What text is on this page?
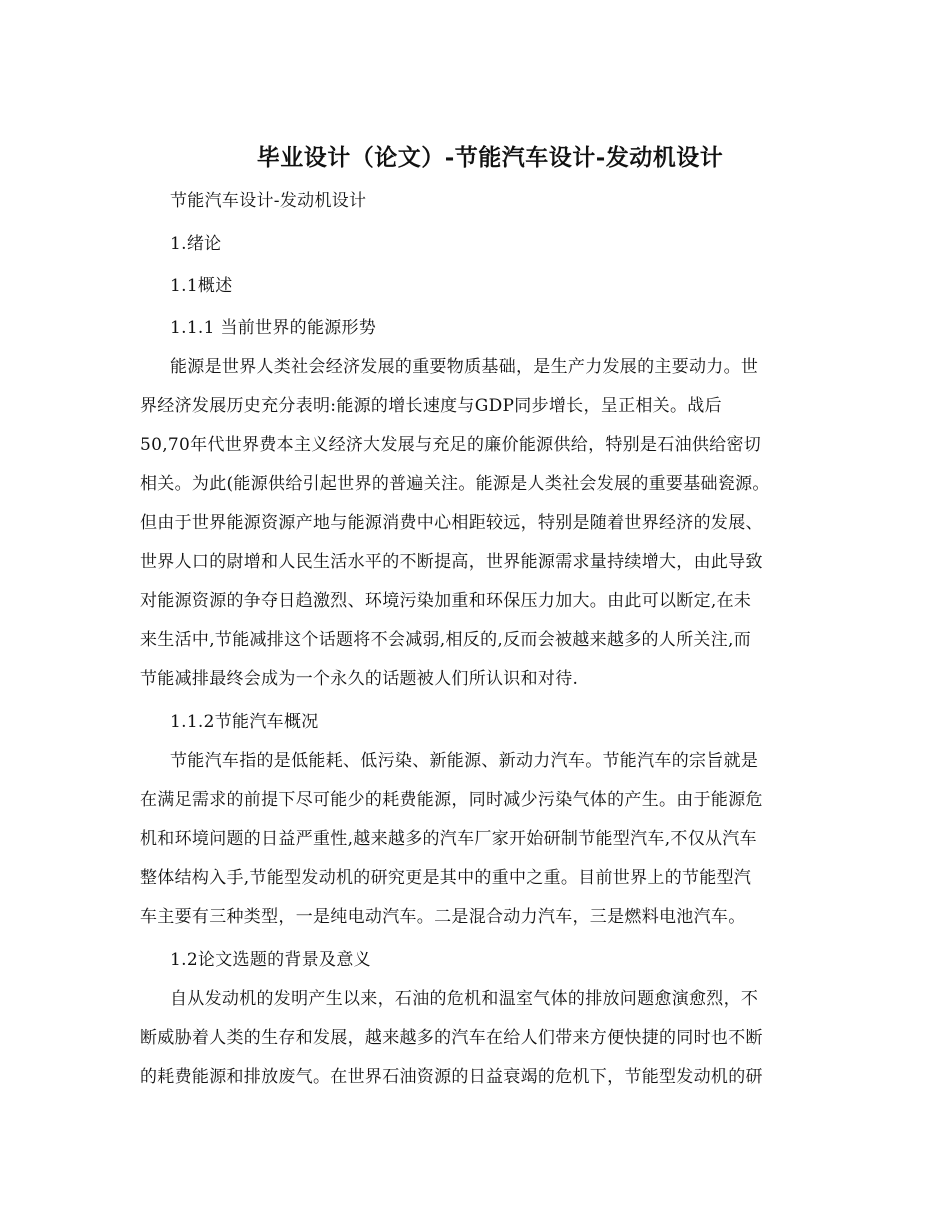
毕业设计（论文）-节能汽车设计-发动机设计
节能汽车设计-发动机设计
1.绪论
1.1概述
1.1.1 当前世界的能源形势
能源是世界人类社会经济发展的重要物质基础，是生产力发展的主要动力。世
界经济发展历史充分表明:能源的增长速度与GDP同步增长，呈正相关。战后
50,70年代世界费本主义经济大发展与充足的廉价能源供给，特别是石油供给密切
相关。为此(能源供给引起世界的普遍关注。能源是人类社会发展的重要基础瓷源。
但由于世界能源资源产地与能源消费中心相距较远，特别是随着世界经济的发展、
世界人口的尉增和人民生活水平的不断提高，世界能源需求量持续增大，由此导致
对能源资源的争夺日趋激烈、环境污染加重和环保压力加大。由此可以断定,在未
来生活中,节能减排这个话题将不会减弱,相反的,反而会被越来越多的人所关注,而
节能减排最终会成为一个永久的话题被人们所认识和对待.
1.1.2节能汽车概况
节能汽车指的是低能耗、低污染、新能源、新动力汽车。节能汽车的宗旨就是
在满足需求的前提下尽可能少的耗费能源，同时减少污染气体的产生。由于能源危
机和环境问题的日益严重性,越来越多的汽车厂家开始研制节能型汽车,不仅从汽车
整体结构入手,节能型发动机的研究更是其中的重中之重。目前世界上的节能型汽
车主要有三种类型，一是纯电动汽车。二是混合动力汽车，三是燃料电池汽车。
1.2论文选题的背景及意义
自从发动机的发明产生以来，石油的危机和温室气体的排放问题愈演愈烈，不
断威胁着人类的生存和发展，越来越多的汽车在给人们带来方便快捷的同时也不断
的耗费能源和排放废气。在世界石油资源的日益衰竭的危机下，节能型发动机的研
